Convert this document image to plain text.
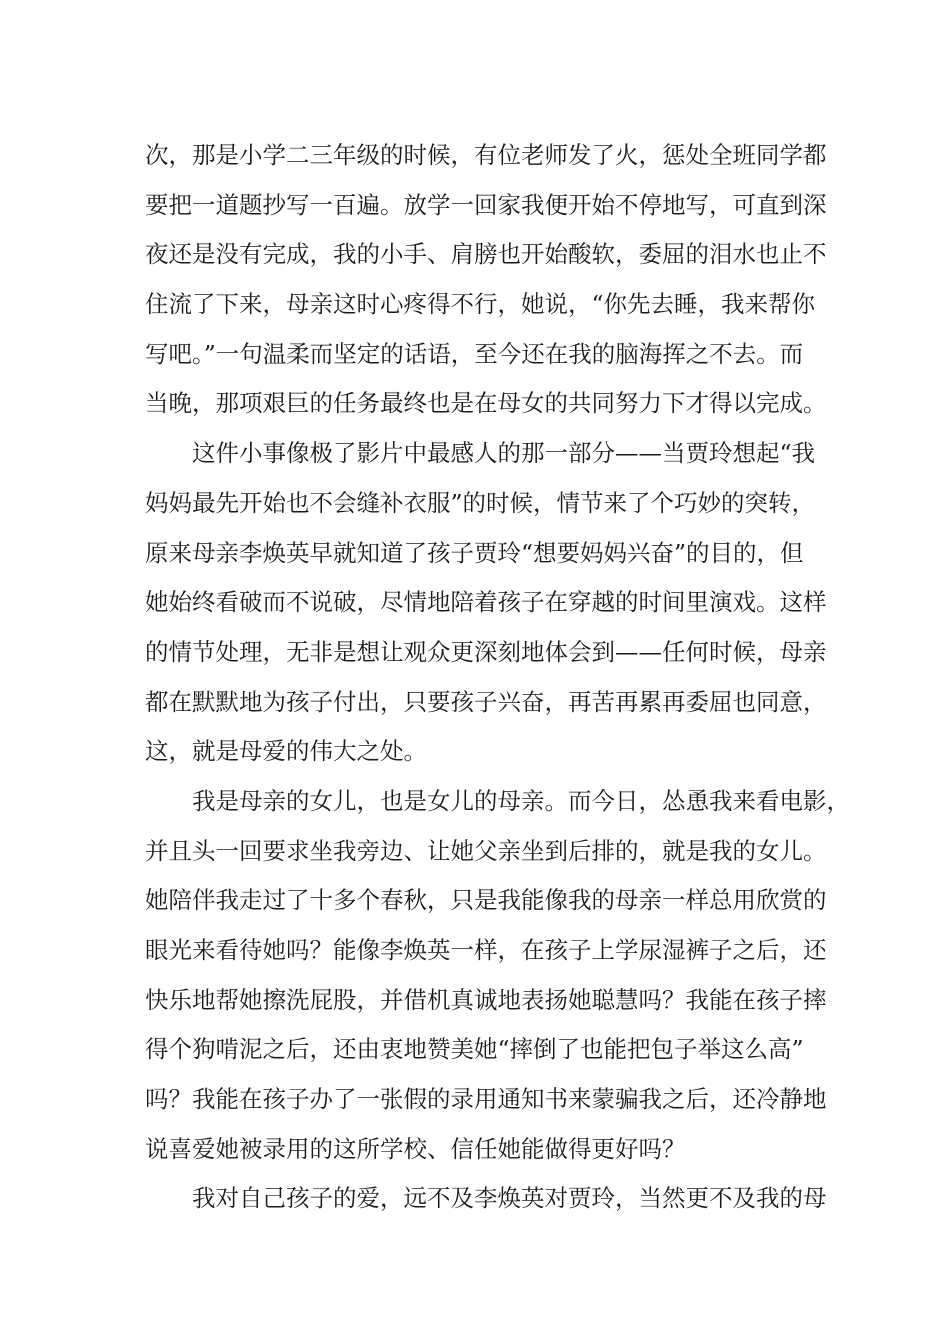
次，那是小学二三年级的时候，有位老师发了火，惩处全班同学都
要把一道题抄写一百遍。放学一回家我便开始不停地写，可直到深
夜还是没有完成，我的小手、肩膀也开始酸软，委屈的泪水也止不
住流了下来，母亲这时心疼得不行，她说，“你先去睡，我来帮你
写吧。”一句温柔而坚定的话语，至今还在我的脑海挥之不去。而
当晚，那项艰巨的任务最终也是在母女的共同努力下才得以完成。
这件小事像极了影片中最感人的那一部分——当贾玲想起“我
妈妈最先开始也不会缝补衣服”的时候，情节来了个巧妙的突转，
原来母亲李焕英早就知道了孩子贾玲“想要妈妈兴奋”的目的，但
她始终看破而不说破，尽情地陪着孩子在穿越的时间里演戏。这样
的情节处理，无非是想让观众更深刻地体会到——任何时候，母亲
都在默默地为孩子付出，只要孩子兴奋，再苦再累再委屈也同意，
这，就是母爱的伟大之处。
我是母亲的女儿，也是女儿的母亲。而今日，怂恿我来看电影，
并且头一回要求坐我旁边、让她父亲坐到后排的，就是我的女儿。
她陪伴我走过了十多个春秋，只是我能像我的母亲一样总用欣赏的
眼光来看待她吗？能像李焕英一样，在孩子上学尿湿裤子之后，还
快乐地帮她擦洗屁股，并借机真诚地表扬她聪慧吗？我能在孩子摔
得个狗啃泥之后，还由衷地赞美她“摔倒了也能把包子举这么高”
吗？我能在孩子办了一张假的录用通知书来蒙骗我之后，还冷静地
说喜爱她被录用的这所学校、信任她能做得更好吗？
我对自己孩子的爱，远不及李焕英对贾玲，当然更不及我的母
